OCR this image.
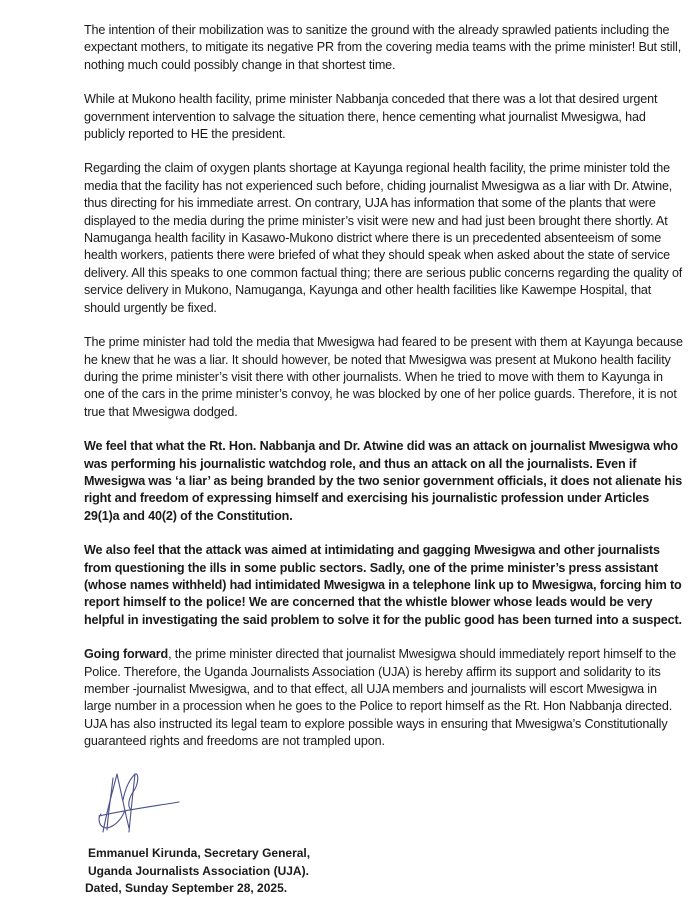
The intention of their mobilization was to sanitize the ground with the already sprawled patients including the expectant mothers, to mitigate its negative PR from the covering media teams with the prime minister! But still, nothing much could possibly change in that shortest time.

While at Mukono health facility, prime minister Nabbanja conceded that there was a lot that desired urgent government intervention to salvage the situation there, hence cementing what journalist Mwesigwa, had publicly reported to HE the president.

Regarding the claim of oxygen plants shortage at Kayunga regional health facility, the prime minister told the media that the facility has not experienced such before, chiding journalist Mwesigwa as a liar with Dr. Atwine, thus directing for his immediate arrest. On contrary, UJA has information that some of the plants that were displayed to the media during the prime minister’s visit were new and had just been brought there shortly. At Namuganga health facility in Kasawo-Mukono district where there is un precedented absenteeism of some health workers, patients there were briefed of what they should speak when asked about the state of service delivery. All this speaks to one common factual thing; there are serious public concerns regarding the quality of service delivery in Mukono, Namuganga, Kayunga and other health facilities like Kawempe Hospital, that should urgently be fixed.

The prime minister had told the media that Mwesigwa had feared to be present with them at Kayunga because he knew that he was a liar. It should however, be noted that Mwesigwa was present at Mukono health facility during the prime minister’s visit there with other journalists. When he tried to move with them to Kayunga in one of the cars in the prime minister’s convoy, he was blocked by one of her police guards. Therefore, it is not true that Mwesigwa dodged.

We feel that what the Rt. Hon. Nabbanja and Dr. Atwine did was an attack on journalist Mwesigwa who was performing his journalistic watchdog role, and thus an attack on all the journalists. Even if Mwesigwa was ‘a liar’ as being branded by the two senior government officials, it does not alienate his right and freedom of expressing himself and exercising his journalistic profession under Articles 29(1)a and 40(2) of the Constitution.

We also feel that the attack was aimed at intimidating and gagging Mwesigwa and other journalists from questioning the ills in some public sectors. Sadly, one of the prime minister’s press assistant (whose names withheld) had intimidated Mwesigwa in a telephone link up to Mwesigwa, forcing him to report himself to the police! We are concerned that the whistle blower whose leads would be very helpful in investigating the said problem to solve it for the public good has been turned into a suspect.

Going forward, the prime minister directed that journalist Mwesigwa should immediately report himself to the Police. Therefore, the Uganda Journalists Association (UJA) is hereby affirm its support and solidarity to its member -journalist Mwesigwa, and to that effect, all UJA members and journalists will escort Mwesigwa in large number in a procession when he goes to the Police to report himself as the Rt. Hon Nabbanja directed. UJA has also instructed its legal team to explore possible ways in ensuring that Mwesigwa’s Constitutionally guaranteed rights and freedoms are not trampled upon.

Emmanuel Kirunda, Secretary General,
Uganda Journalists Association (UJA).
Dated, Sunday September 28, 2025.
